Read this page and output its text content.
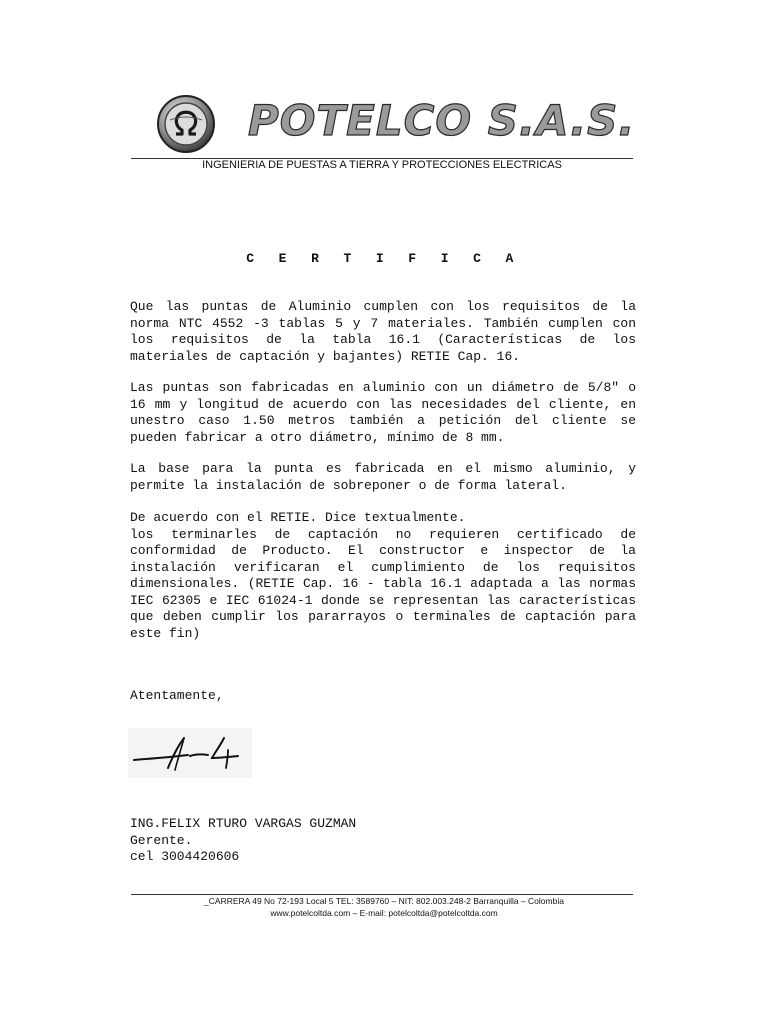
POTELCO S.A.S.
INGENIERIA DE PUESTAS A TIERRA Y PROTECCIONES ELECTRICAS
C E R T I F I C A

Que las puntas de Aluminio cumplen con los requisitos de la norma NTC 4552 -3 tablas 5 y 7 materiales. También cumplen con los requisitos de la tabla 16.1 (Características de los materiales de captación y bajantes) RETIE Cap. 16.

Las puntas son fabricadas en aluminio con un diámetro de 5/8" o 16 mm y longitud de acuerdo con las necesidades del cliente, en unestro caso 1.50 metros también a petición del cliente se pueden fabricar a otro diámetro, mínimo de 8 mm.

La base para la punta es fabricada en el mismo aluminio, y permite la instalación de sobreponer o de forma lateral.

De acuerdo con el RETIE. Dice textualmente.
los terminarles de captación no requieren certificado de conformidad de Producto. El constructor e inspector de la instalación verificaran el cumplimiento de los requisitos dimensionales. (RETIE Cap. 16 - tabla 16.1 adaptada a las normas IEC 62305 e IEC 61024-1 donde se representan las características que deben cumplir los pararrayos o terminales de captación para este fin)

Atentamente,
ING.FELIX RTURO VARGAS GUZMAN
Gerente.
cel 3004420606
_CARRERA 49 No 72-193 Local 5 TEL: 3589760 – NIT: 802.003.248-2 Barranquilla – Colombia
www.potelcoltda.com – E-mail: potelcoltda@potelcoltda.com
